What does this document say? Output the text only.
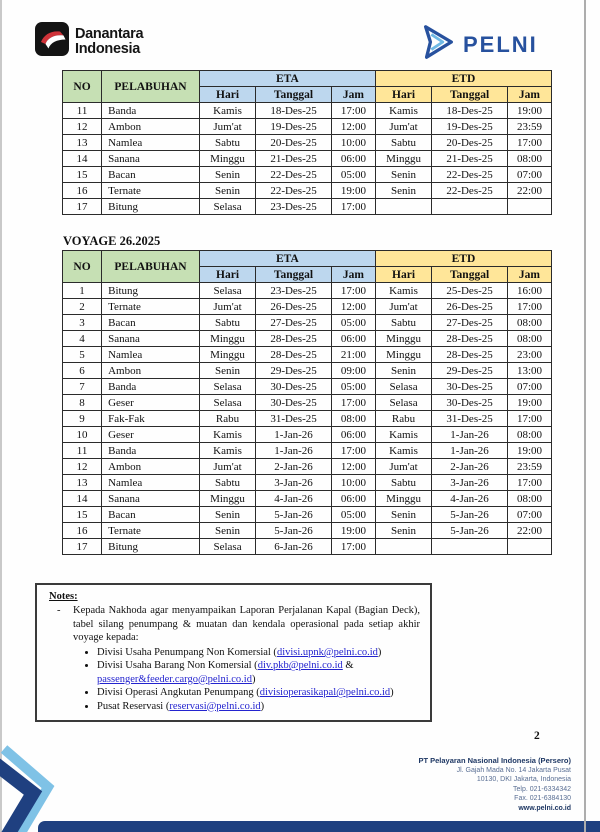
Danantara
Indonesia	PELNI
NO	PELABUHAN	ETA			ETD		
		Hari	Tanggal	Jam	Hari	Tanggal	Jam
11	Banda	Kamis	18-Des-25	17:00	Kamis	18-Des-25	19:00
12	Ambon	Jum'at	19-Des-25	12:00	Jum'at	19-Des-25	23:59
13	Namlea	Sabtu	20-Des-25	10:00	Sabtu	20-Des-25	17:00
14	Sanana	Minggu	21-Des-25	06:00	Minggu	21-Des-25	08:00
15	Bacan	Senin	22-Des-25	05:00	Senin	22-Des-25	07:00
16	Ternate	Senin	22-Des-25	19:00	Senin	22-Des-25	22:00
17	Bitung	Selasa	23-Des-25	17:00			
VOYAGE 26.2025
NO	PELABUHAN	ETA			ETD		
		Hari	Tanggal	Jam	Hari	Tanggal	Jam
1	Bitung	Selasa	23-Des-25	17:00	Kamis	25-Des-25	16:00
2	Ternate	Jum'at	26-Des-25	12:00	Jum'at	26-Des-25	17:00
3	Bacan	Sabtu	27-Des-25	05:00	Sabtu	27-Des-25	08:00
4	Sanana	Minggu	28-Des-25	06:00	Minggu	28-Des-25	08:00
5	Namlea	Minggu	28-Des-25	21:00	Minggu	28-Des-25	23:00
6	Ambon	Senin	29-Des-25	09:00	Senin	29-Des-25	13:00
7	Banda	Selasa	30-Des-25	05:00	Selasa	30-Des-25	07:00
8	Geser	Selasa	30-Des-25	17:00	Selasa	30-Des-25	19:00
9	Fak-Fak	Rabu	31-Des-25	08:00	Rabu	31-Des-25	17:00
10	Geser	Kamis	1-Jan-26	06:00	Kamis	1-Jan-26	08:00
11	Banda	Kamis	1-Jan-26	17:00	Kamis	1-Jan-26	19:00
12	Ambon	Jum'at	2-Jan-26	12:00	Jum'at	2-Jan-26	23:59
13	Namlea	Sabtu	3-Jan-26	10:00	Sabtu	3-Jan-26	17:00
14	Sanana	Minggu	4-Jan-26	06:00	Minggu	4-Jan-26	08:00
15	Bacan	Senin	5-Jan-26	05:00	Senin	5-Jan-26	07:00
16	Ternate	Senin	5-Jan-26	19:00	Senin	5-Jan-26	22:00
17	Bitung	Selasa	6-Jan-26	17:00			
Notes:
-	Kepada Nakhoda agar menyampaikan Laporan Perjalanan Kapal (Bagian Deck), tabel silang penumpang & muatan dan kendala operasional pada setiap akhir voyage kepada:
• Divisi Usaha Penumpang Non Komersial (divisi.upnk@pelni.co.id)
• Divisi Usaha Barang Non Komersial (div.pkb@pelni.co.id & passenger&feeder.cargo@pelni.co.id)
• Divisi Operasi Angkutan Penumpang (divisioperasikapal@pelni.co.id)
• Pusat Reservasi (reservasi@pelni.co.id)
2
PT Pelayaran Nasional Indonesia (Persero)
Jl. Gajah Mada No. 14 Jakarta Pusat
10130, DKI Jakarta, Indonesia
Telp. 021-6334342
Fax. 021-6384130
www.pelni.co.id
